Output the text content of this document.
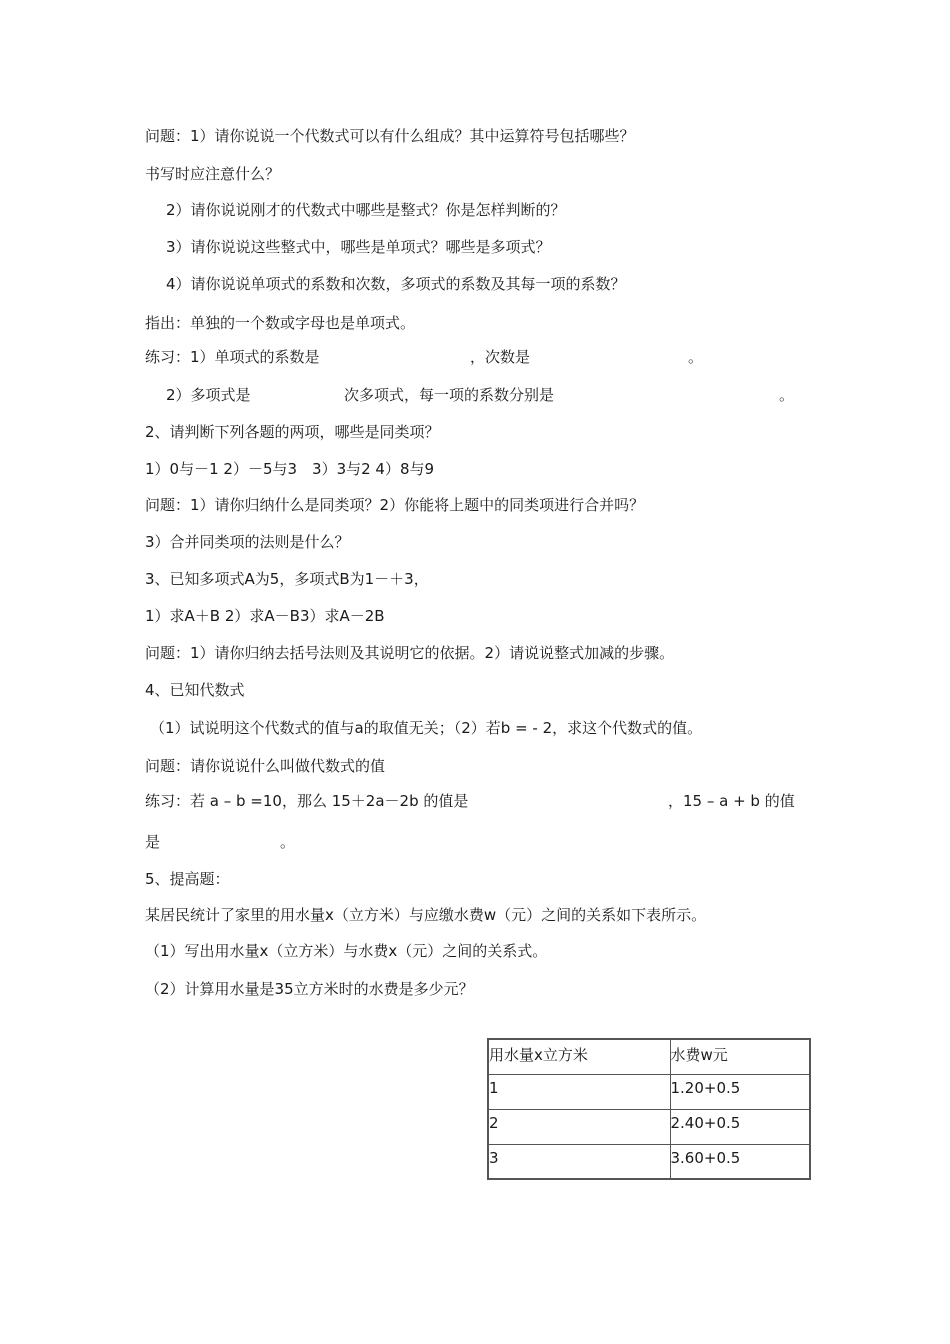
问题：1）请你说说一个代数式可以有什么组成？其中运算符号包括哪些？
书写时应注意什么？
2）请你说说刚才的代数式中哪些是整式？你是怎样判断的？
3）请你说说这些整式中，哪些是单项式？哪些是多项式？
4）请你说说单项式的系数和次数，多项式的系数及其每一项的系数？
指出：单独的一个数或字母也是单项式。
练习：1）单项式的系数是	，次数是	。
2）多项式是	次多项式，每一项的系数分别是	。
2、请判断下列各题的两项，哪些是同类项？
1）0与－1 2）－5与3　3）3与2 4）8与9
问题：1）请你归纳什么是同类项？2）你能将上题中的同类项进行合并吗？
3）合并同类项的法则是什么？
3、已知多项式A为5，多项式B为1－＋3，
1）求A＋B 2）求A－B3）求A－2B
问题：1）请你归纳去括号法则及其说明它的依据。2）请说说整式加减的步骤。
4、已知代数式
（1）试说明这个代数式的值与a的取值无关；（2）若b = - 2，求这个代数式的值。
问题：请你说说什么叫做代数式的值
练习：若 a – b =10，那么 15＋2a－2b 的值是	，15 – a + b 的值
是	。
5、提高题：
某居民统计了家里的用水量x（立方米）与应缴水费w（元）之间的关系如下表所示。
（1）写出用水量x（立方米）与水费x（元）之间的关系式。
（2）计算用水量是35立方米时的水费是多少元？
用水量x立方米	水费w元
1	1.20+0.5
2	2.40+0.5
3	3.60+0.5
